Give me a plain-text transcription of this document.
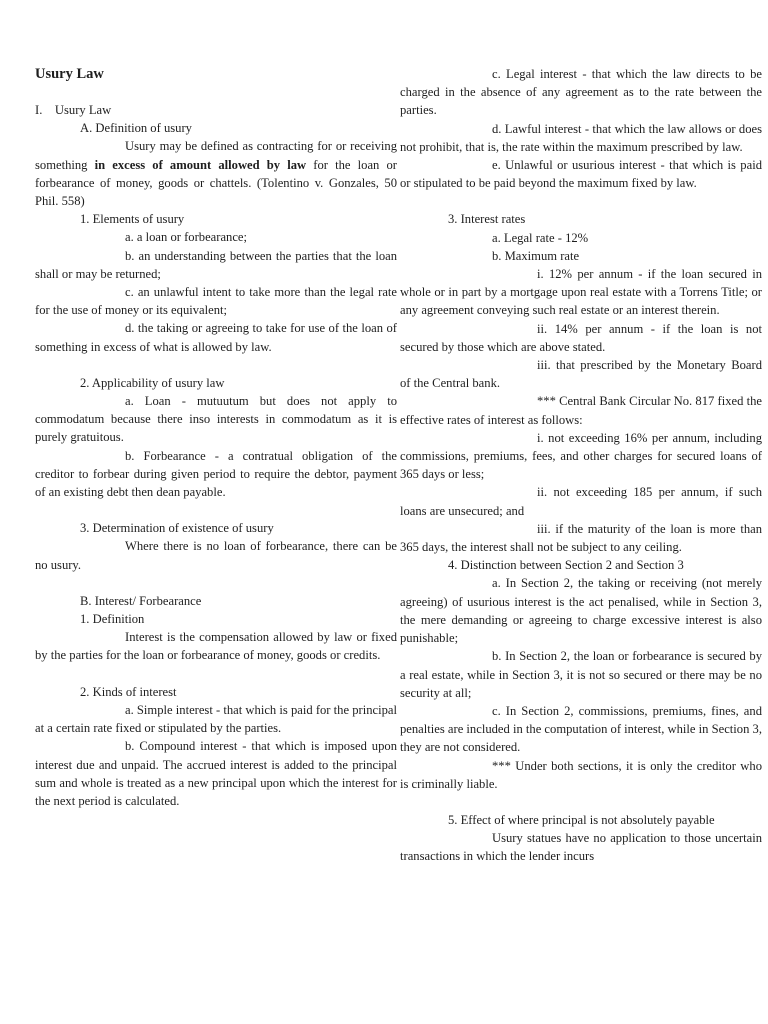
Usury Law

I.    Usury Law

A. Definition of usury

Usury may be defined as contracting for or receiving something in excess of amount allowed by law for the loan or forbearance of money, goods or chattels. (Tolentino v. Gonzales, 50 Phil. 558)

1. Elements of usury

a. a loan or forbearance;

b. an understanding between the parties that the loan shall or may be returned;

c. an unlawful intent to take more than the legal rate for the use of money or its equivalent;

d. the taking or agreeing to take for use of the loan of something in excess of what is allowed by law.

2. Applicability of usury law

a. Loan - mutuutum but does not apply to commodatum because there inso interests in commodatum as it is purely gratuitous.

b. Forbearance - a contratual obligation of the creditor to forbear during given period to require the debtor, payment of an existing debt then dean payable.

3. Determination of existence of usury

Where there is no loan of forbearance, there can be no usury.

B. Interest/ Forbearance

1. Definition

Interest is the compensation allowed by law or fixed by the parties for the loan or forbearance of money, goods or credits.

2. Kinds of interest

a. Simple interest - that which is paid for the principal at a certain rate fixed or stipulated by the parties.

b. Compound interest - that which is imposed upon interest due and unpaid. The accrued interest is added to the principal sum and whole is treated as a new principal upon which the interest for the next period is calculated.

c. Legal interest - that which the law directs to be charged in the absence of any agreement as to the rate between the parties.

d. Lawful interest - that which the law allows or does not prohibit, that is, the rate within the maximum prescribed by law.

e. Unlawful or usurious interest - that which is paid or stipulated to be paid beyond the maximum fixed by law.

3. Interest rates

a. Legal rate - 12%

b. Maximum rate

i. 12% per annum - if the loan secured in whole or in part by a mortgage upon real estate with a Torrens Title; or any agreement conveying such real estate or an interest therein.

ii. 14% per annum - if the loan is not secured by those which are above stated.

iii. that prescribed by the Monetary Board of the Central bank.

*** Central Bank Circular No. 817 fixed the effective rates of interest as follows:

i. not exceeding 16% per annum, including commissions, premiums, fees, and other charges for secured loans of 365 days or less;

ii. not exceeding 185 per annum, if such loans are unsecured; and

iii. if the maturity of the loan is more than 365 days, the interest shall not be subject to any ceiling.

4. Distinction between Section 2 and Section 3

a. In Section 2, the taking or receiving (not merely agreeing) of usurious interest is the act penalised, while in Section 3, the mere demanding or agreeing to charge excessive interest is also punishable;

b. In Section 2, the loan or forbearance is secured by a real estate, while in Section 3, it is not so secured or there may be no security at all;

c. In Section 2, commissions, premiums, fines, and penalties are included in the computation of interest, while in Section 3, they are not considered.

*** Under both sections, it is only the creditor who is criminally liable.

5. Effect of where principal is not absolutely payable

Usury statues have no application to those uncertain transactions in which the lender incurs
